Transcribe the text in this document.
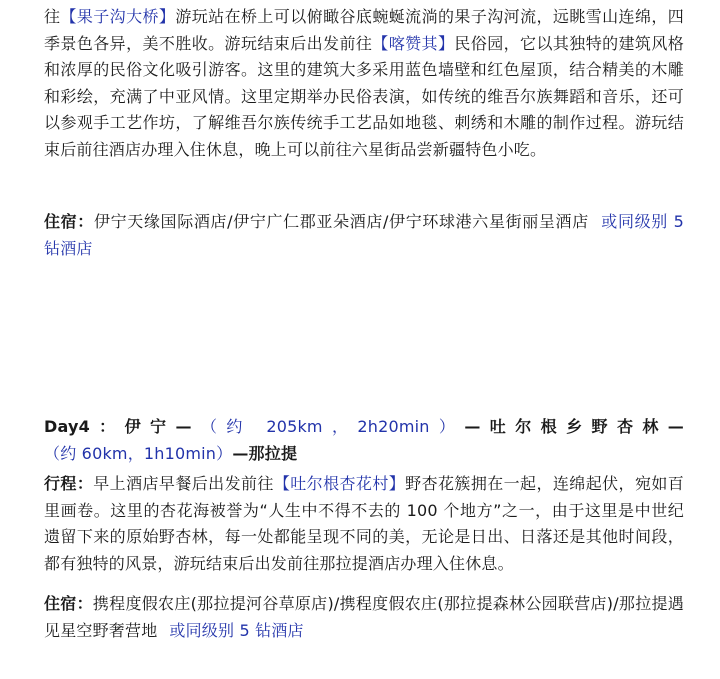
往【果子沟大桥】游玩站在桥上可以俯瞰谷底蜿蜒流淌的果子沟河流，远眺雪山连绵，四季景色各异，美不胜收。游玩结束后出发前往【喀赞其】民俗园，它以其独特的建筑风格和浓厚的民俗文化吸引游客。这里的建筑大多采用蓝色墙壁和红色屋顶，结合精美的木雕和彩绘，充满了中亚风情。这里定期举办民俗表演，如传统的维吾尔族舞蹈和音乐，还可以参观手工艺作坊，了解维吾尔族传统手工艺品如地毯、刺绣和木雕的制作过程。游玩结束后前往酒店办理入住休息，晚上可以前往六星街品尝新疆特色小吃。

住宿：伊宁天缘国际酒店/伊宁广仁郡亚朵酒店/伊宁环球港六星街丽呈酒店 或同级别 5 钻酒店

Day4：伊宁—（约 205km，2h20min）—吐尔根乡野杏林—（约 60km，1h10min）—那拉提

行程：早上酒店早餐后出发前往【吐尔根杏花村】野杏花簇拥在一起，连绵起伏，宛如百里画卷。这里的杏花海被誉为“人生中不得不去的 100 个地方”之一，由于这里是中世纪遗留下来的原始野杏林，每一处都能呈现不同的美，无论是日出、日落还是其他时间段，都有独特的风景，游玩结束后出发前往那拉提酒店办理入住休息。

住宿：携程度假农庄(那拉提河谷草原店)/携程度假农庄(那拉提森林公园联营店)/那拉提遇见星空野奢营地 或同级别 5 钻酒店
